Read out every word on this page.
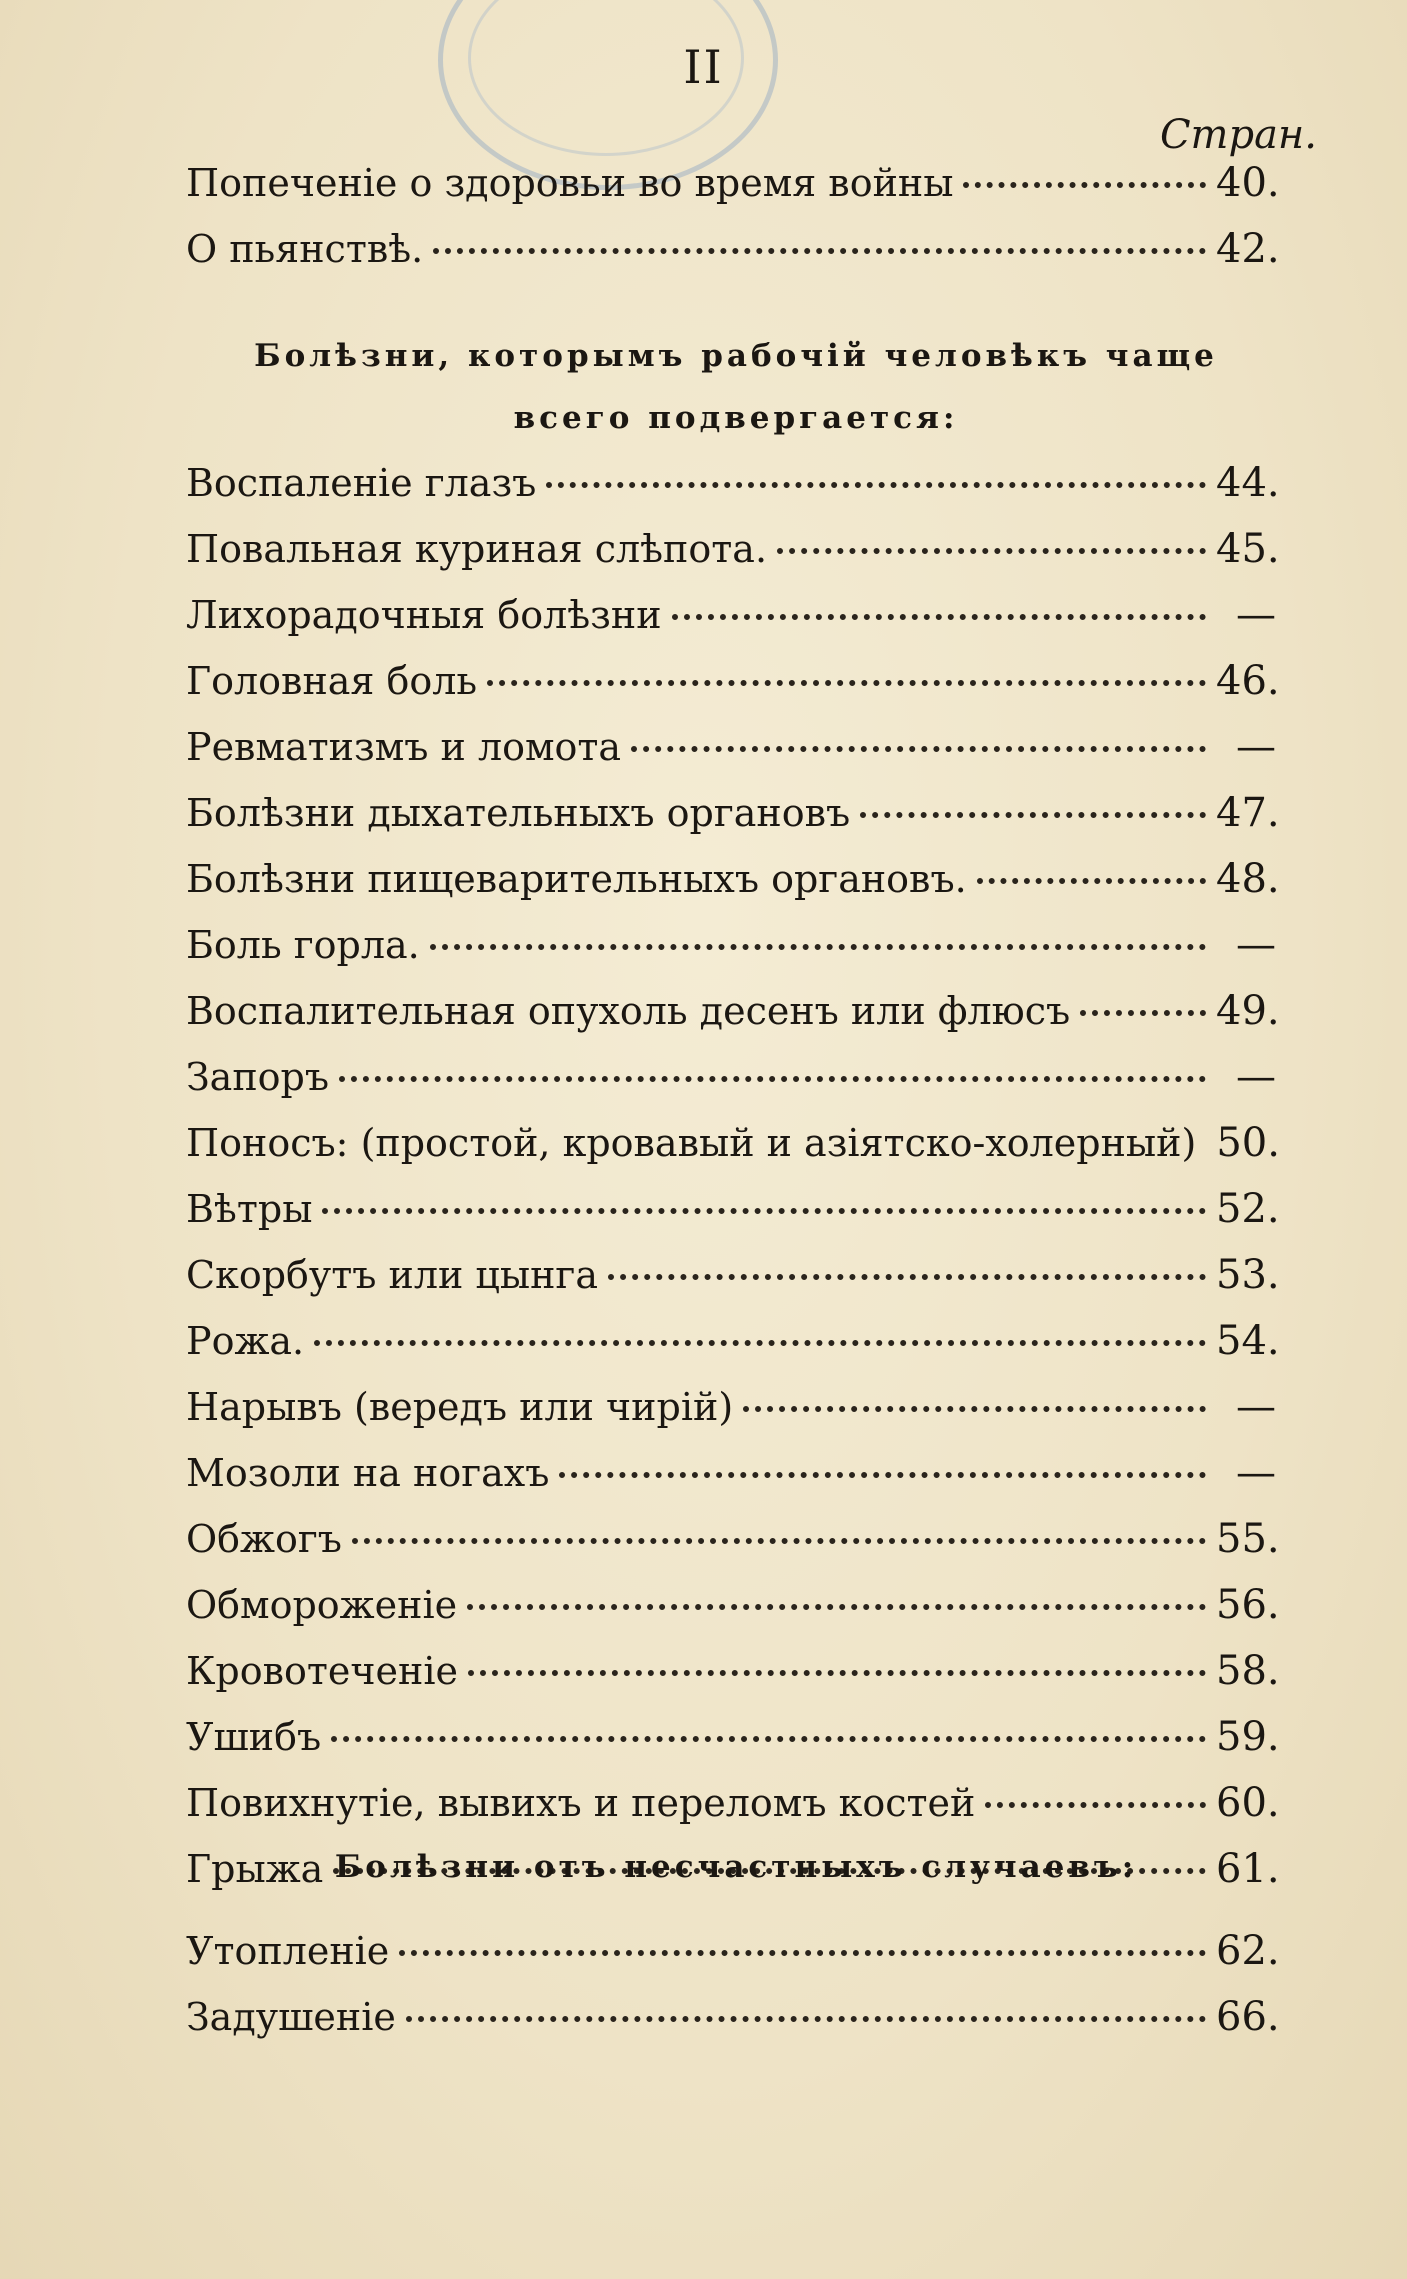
II
Стран.
Попеченіе о здоровьи во время войны	40.
О пьянствѣ.	42.
Болѣзни, которымъ рабочій человѣкъ чаще
всего подвергается:
Воспаленіе глазъ	44.
Повальная куриная слѣпота.	45.
Лихорадочныя болѣзни	—
Головная боль	46.
Ревматизмъ и ломота	—
Болѣзни дыхательныхъ органовъ	47.
Болѣзни пищеварительныхъ органовъ.	48.
Боль горла.	—
Воспалительная опухоль десенъ или флюсъ	49.
Запоръ	—
Поносъ: (простой, кровавый и азіятско-холерный) 50.
Вѣтры	52.
Скорбутъ или цынга	53.
Рожа.	54.
Нарывъ (вередъ или чирій)	—
Мозоли на ногахъ	—
Обжогъ	55.
Обмороженіе	56.
Кровотеченіе	58.
Ушибъ	59.
Повихнутіе, вывихъ и переломъ костей	60.
Грыжа	61.
Болѣзни отъ несчастныхъ случаевъ:
Утопленіе	62.
Задушеніе	66.
